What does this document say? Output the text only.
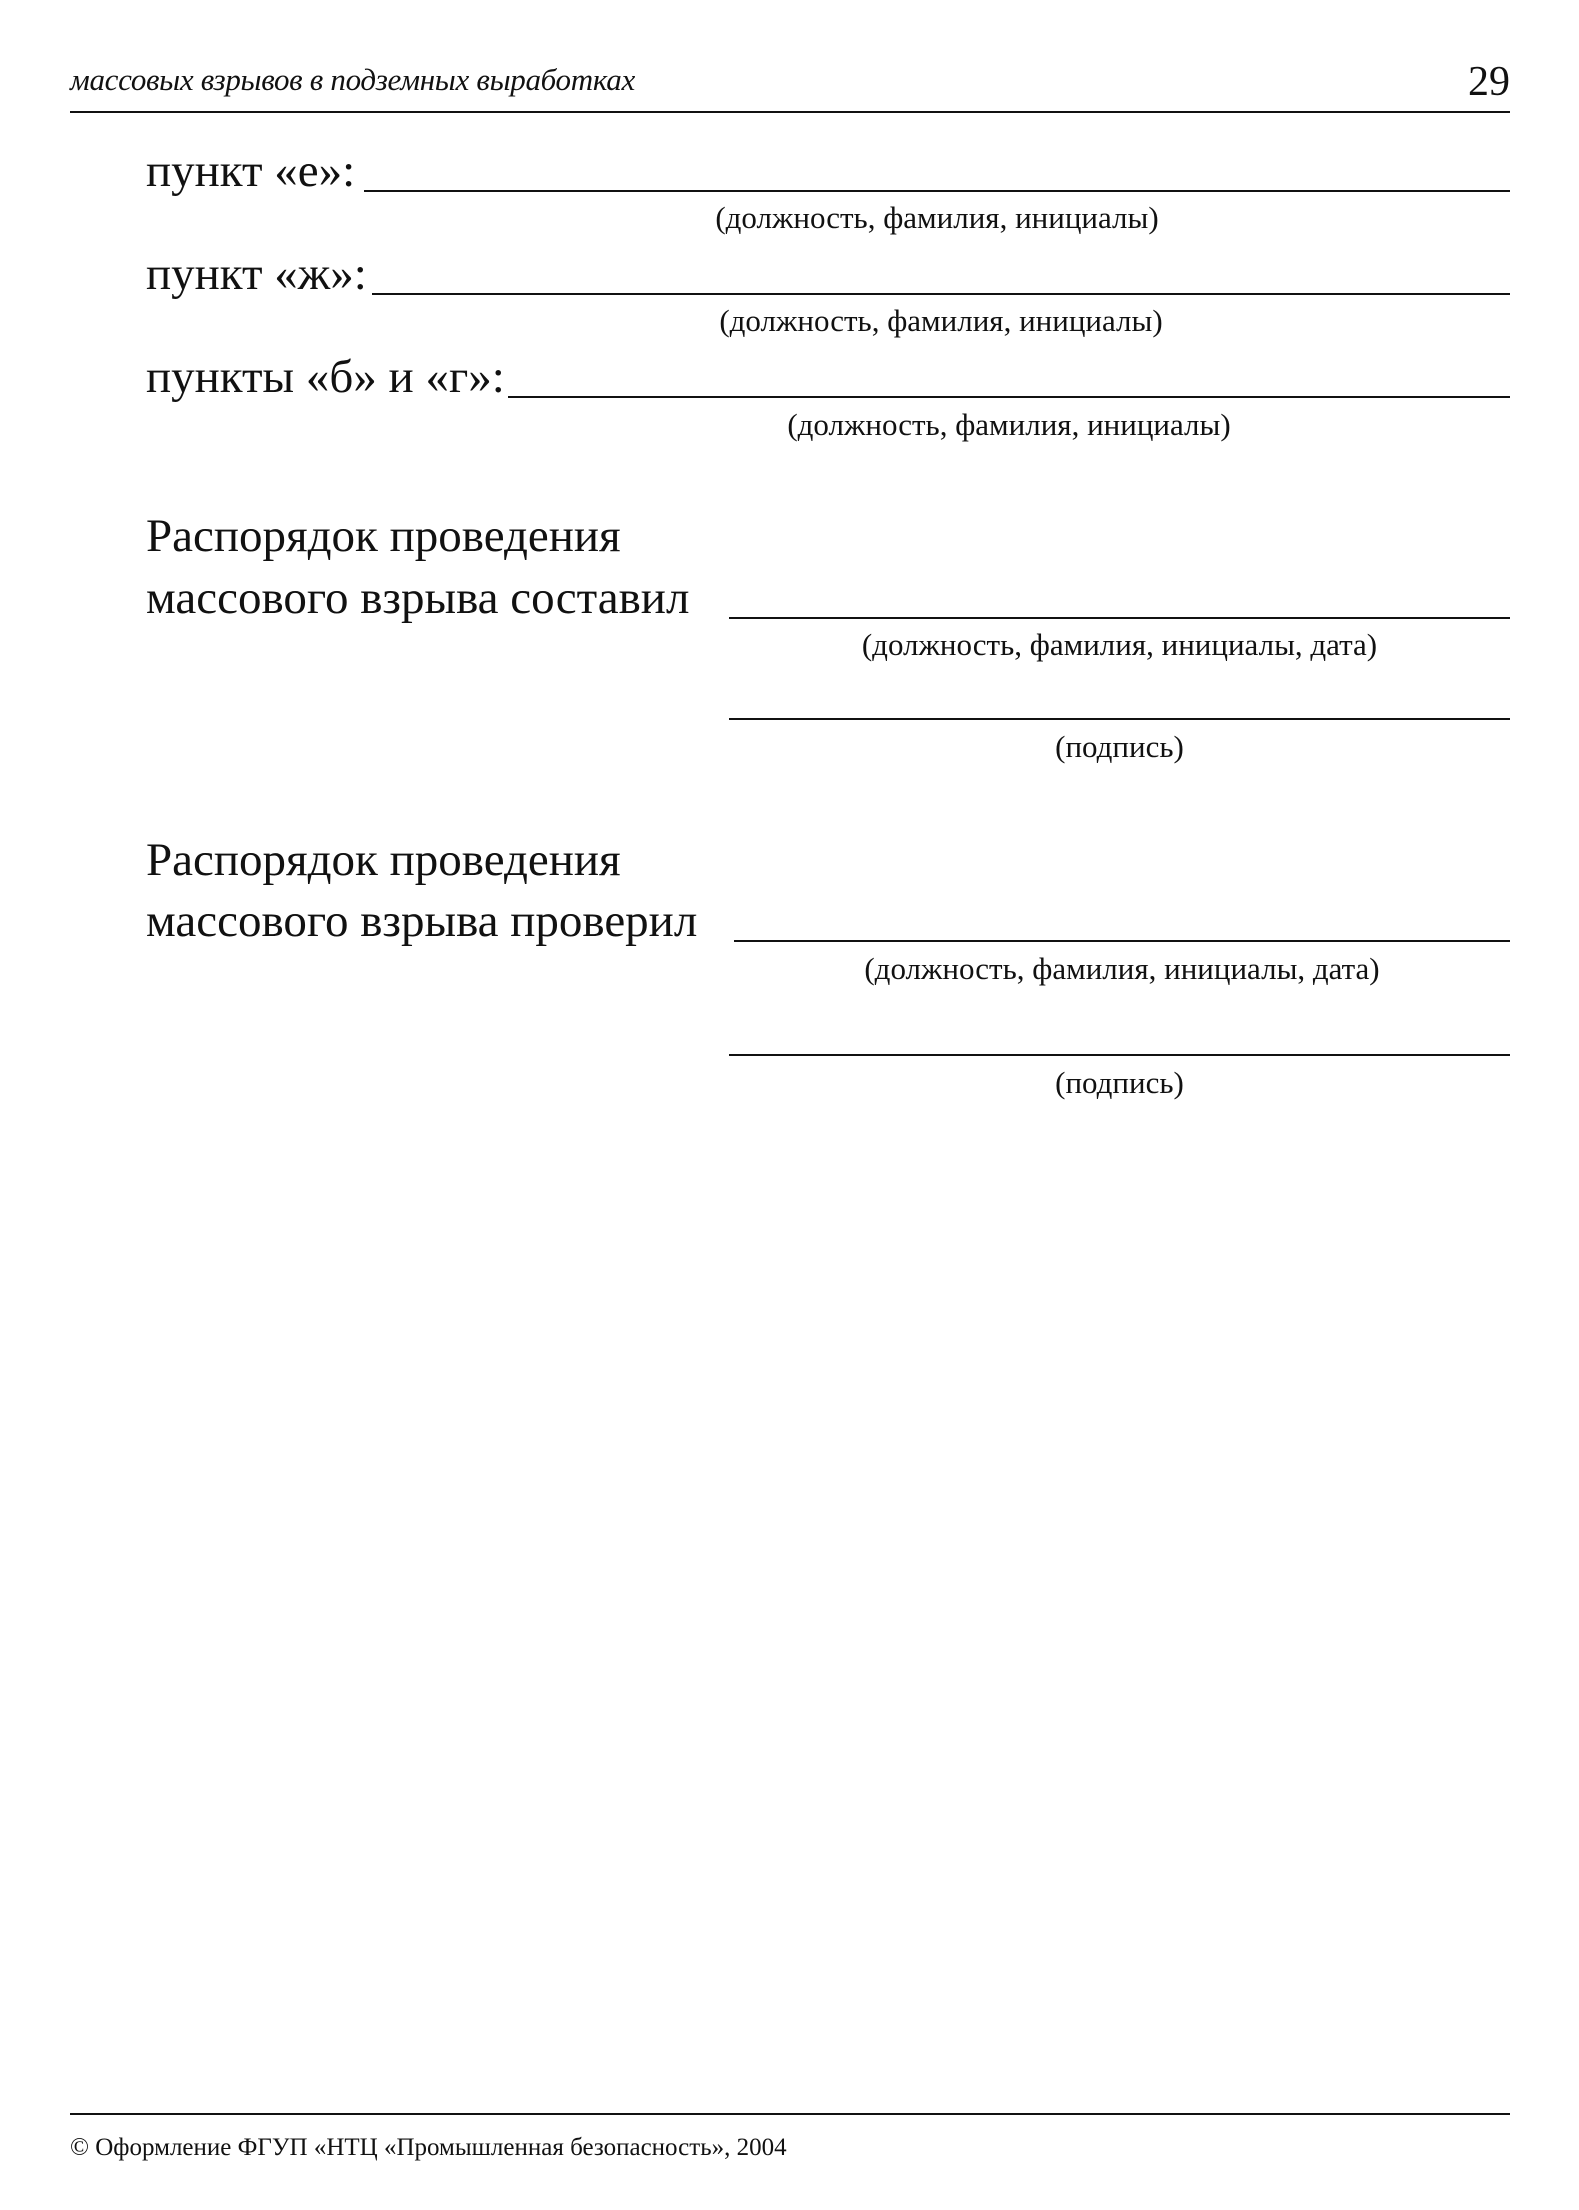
массовых взрывов в подземных выработках	29
пункт «е»:
(должность, фамилия, инициалы)
пункт «ж»:
(должность, фамилия, инициалы)
пункты «б» и «г»:
(должность, фамилия, инициалы)
Распорядок проведения
массового взрыва составил
(должность, фамилия, инициалы, дата)
(подпись)
Распорядок проведения
массового взрыва проверил
(должность, фамилия, инициалы, дата)
(подпись)
© Оформление ФГУП «НТЦ «Промышленная безопасность», 2004
